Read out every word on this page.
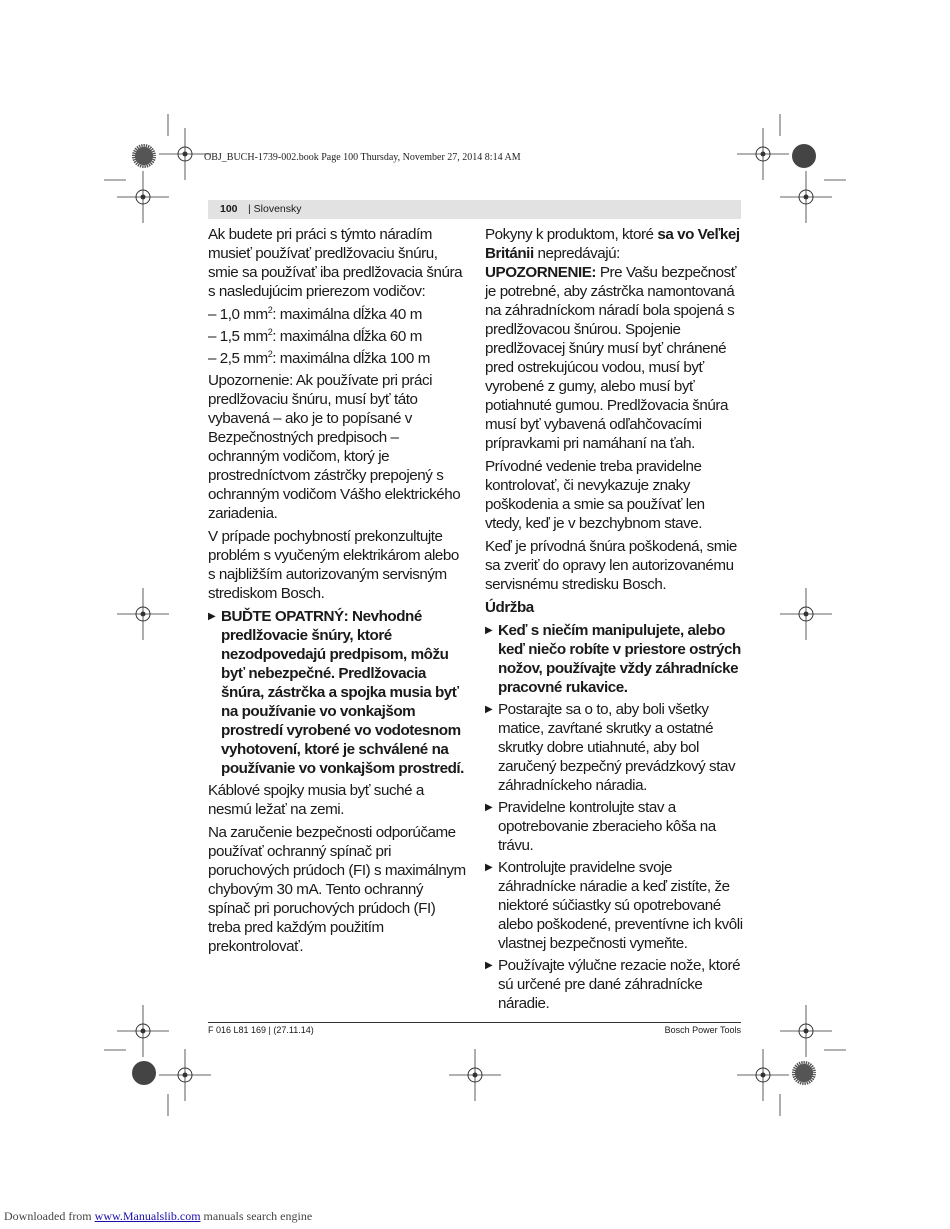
OBJ_BUCH-1739-002.book Page 100 Thursday, November 27, 2014 8:14 AM
100 | Slovensky

Ak budete pri práci s týmto náradím musieť používať predlžovaciu šnúru, smie sa používať iba predlžovacia šnúra s nasledujúcim prierezom vodičov:

– 1,0 $mm^2$: maximálna dĺžka 40 m
– 1,5 $mm^2$: maximálna dĺžka 60 m
– 2,5 $mm^2$: maximálna dĺžka 100 m

Upozornenie: Ak používate pri práci predlžovaciu šnúru, musí byť táto vybavená – ako je to popísané v Bezpečnostných predpisoch – ochranným vodičom, ktorý je prostredníctvom zástrčky prepojený s ochranným vodičom Vášho elektrického zariadenia.

V prípade pochybností prekonzultujte problém s vyučeným elektrikárom alebo s najbližším autorizovaným servisným strediskom Bosch.

▶ BUĎTE OPATRNÝ: Nevhodné predlžovacie šnúry, ktoré nezodpovedajú predpisom, môžu byť nebezpečné. Predlžovacia šnúra, zástrčka a spojka musia byť na používanie vo vonkajšom prostredí vyrobené vo vodotesnom vyhotovení, ktoré je schválené na používanie vo vonkajšom prostredí.

Káblové spojky musia byť suché a nesmú ležať na zemi.

Na zaručenie bezpečnosti odporúčame používať ochranný spínač pri poruchových prúdoch (FI) s maximálnym chybovým 30 mA. Tento ochranný spínač pri poruchových prúdoch (FI) treba pred každým použitím prekontrolovať.

Pokyny k produktom, ktoré sa vo Veľkej Británii nepredávajú:

UPOZORNENIE: Pre Vašu bezpečnosť je potrebné, aby zástrčka namontovaná na záhradníckom náradí bola spojená s predlžovacou šnúrou. Spojenie predlžovacej šnúry musí byť chránené pred ostrekujúcou vodou, musí byť vyrobené z gumy, alebo musí byť potiahnuté gumou. Predlžovacia šnúra musí byť vybavená odľahčovacími prípravkami pri namáhaní na ťah.

Prívodné vedenie treba pravidelne kontrolovať, či nevykazuje znaky poškodenia a smie sa používať len vtedy, keď je v bezchybnom stave.

Keď je prívodná šnúra poškodená, smie sa zveriť do opravy len autorizovanému servisnému stredisku Bosch.

Údržba
▶ Keď s niečím manipulujete, alebo keď niečo robíte v priestore ostrých nožov, používajte vždy záhradnícke pracovné rukavice.
▶ Postarajte sa o to, aby boli všetky matice, zavŕtané skrutky a ostatné skrutky dobre utiahnuté, aby bol zaručený bezpečný prevádzkový stav záhradníckeho náradia.
▶ Pravidelne kontrolujte stav a opotrebovanie zberacieho kôša na trávu.
▶ Kontrolujte pravidelne svoje záhradnícke náradie a keď zistíte, že niektoré súčiastky sú opotrebované alebo poškodené, preventívne ich kvôli vlastnej bezpečnosti vymeňte.
▶ Používajte výlučne rezacie nože, ktoré sú určené pre dané záhradnícke náradie.
F 016 L81 169 | (27.11.14)	Bosch Power Tools
Downloaded from www.Manualslib.com manuals search engine
